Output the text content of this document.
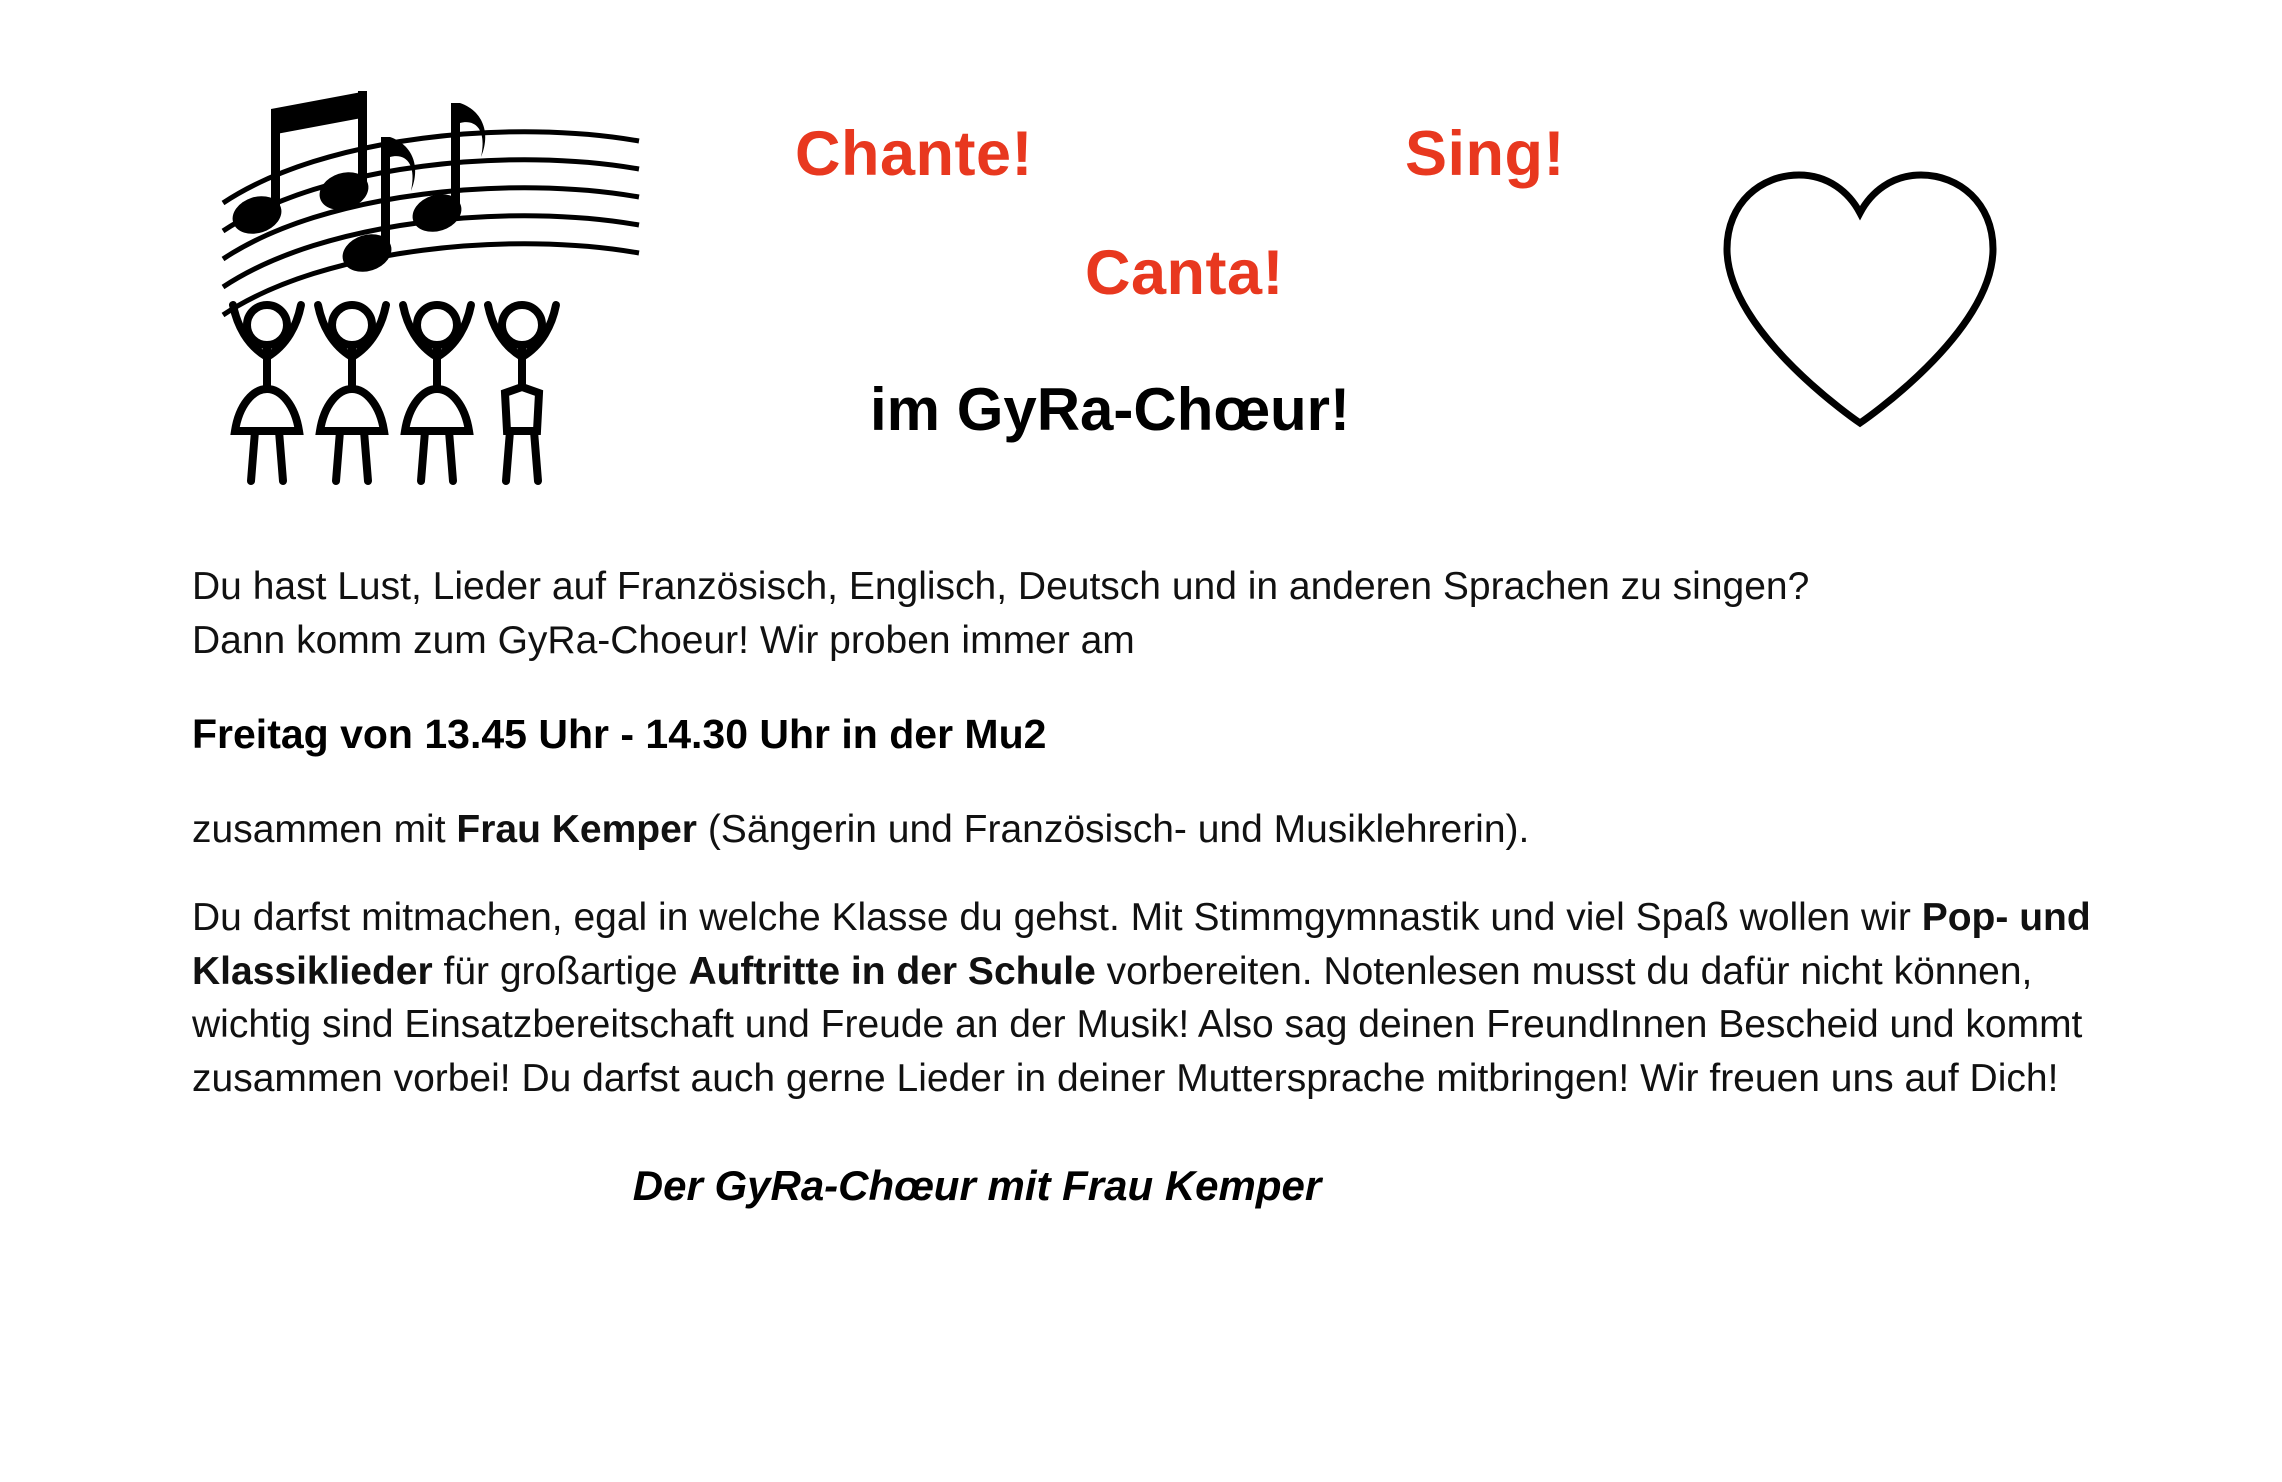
Chante!	Sing!
Canta!
im GyRa-Chœur!

Du hast Lust, Lieder auf Französisch, Englisch, Deutsch und in anderen Sprachen zu singen?
Dann komm zum GyRa-Choeur! Wir proben immer am

Freitag von 13.45 Uhr - 14.30 Uhr in der Mu2

zusammen mit Frau Kemper (Sängerin und Französisch- und Musiklehrerin).

Du darfst mitmachen, egal in welche Klasse du gehst. Mit Stimmgymnastik und viel Spaß wollen wir Pop- und Klassiklieder für großartige Auftritte in der Schule vorbereiten. Notenlesen musst du dafür nicht können, wichtig sind Einsatzbereitschaft und Freude an der Musik! Also sag deinen FreundInnen Bescheid und kommt zusammen vorbei! Du darfst auch gerne Lieder in deiner Muttersprache mitbringen! Wir freuen uns auf Dich!

Der GyRa-Chœur mit Frau Kemper
